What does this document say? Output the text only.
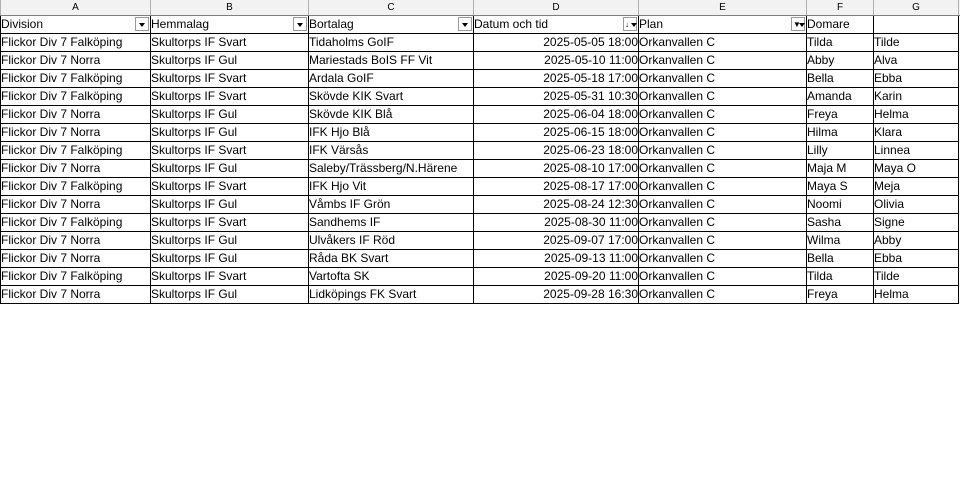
A	B	C	D	E	F	G	
Division	Hemmalag	Bortalag	Datum och tid ↓	Plan ▼	Domare		
Flickor Div 7 Falköping	Skultorps IF Svart	Tidaholms GoIF	2025-05-05 18:00	Orkanvallen C	Tilda	Tilde	
Flickor Div 7 Norra	Skultorps IF Gul	Mariestads BoIS FF Vit	2025-05-10 11:00	Orkanvallen C	Abby	Alva	
Flickor Div 7 Falköping	Skultorps IF Svart	Ardala GoIF	2025-05-18 17:00	Orkanvallen C	Bella	Ebba	
Flickor Div 7 Falköping	Skultorps IF Svart	Skövde KIK Svart	2025-05-31 10:30	Orkanvallen C	Amanda	Karin	
Flickor Div 7 Norra	Skultorps IF Gul	Skövde KIK Blå	2025-06-04 18:00	Orkanvallen C	Freya	Helma	
Flickor Div 7 Norra	Skultorps IF Gul	IFK Hjo Blå	2025-06-15 18:00	Orkanvallen C	Hilma	Klara	
Flickor Div 7 Falköping	Skultorps IF Svart	IFK Värsås	2025-06-23 18:00	Orkanvallen C	Lilly	Linnea	
Flickor Div 7 Norra	Skultorps IF Gul	Saleby/Trässberg/N.Härene	2025-08-10 17:00	Orkanvallen C	Maja M	Maya O	
Flickor Div 7 Falköping	Skultorps IF Svart	IFK Hjo Vit	2025-08-17 17:00	Orkanvallen C	Maya S	Meja	
Flickor Div 7 Norra	Skultorps IF Gul	Våmbs IF Grön	2025-08-24 12:30	Orkanvallen C	Noomi	Olivia	
Flickor Div 7 Falköping	Skultorps IF Svart	Sandhems IF	2025-08-30 11:00	Orkanvallen C	Sasha	Signe	
Flickor Div 7 Norra	Skultorps IF Gul	Ulvåkers IF Röd	2025-09-07 17:00	Orkanvallen C	Wilma	Abby	
Flickor Div 7 Norra	Skultorps IF Gul	Råda BK Svart	2025-09-13 11:00	Orkanvallen C	Bella	Ebba	
Flickor Div 7 Falköping	Skultorps IF Svart	Vartofta SK	2025-09-20 11:00	Orkanvallen C	Tilda	Tilde	
Flickor Div 7 Norra	Skultorps IF Gul	Lidköpings FK Svart	2025-09-28 16:30	Orkanvallen C	Freya	Helma	
